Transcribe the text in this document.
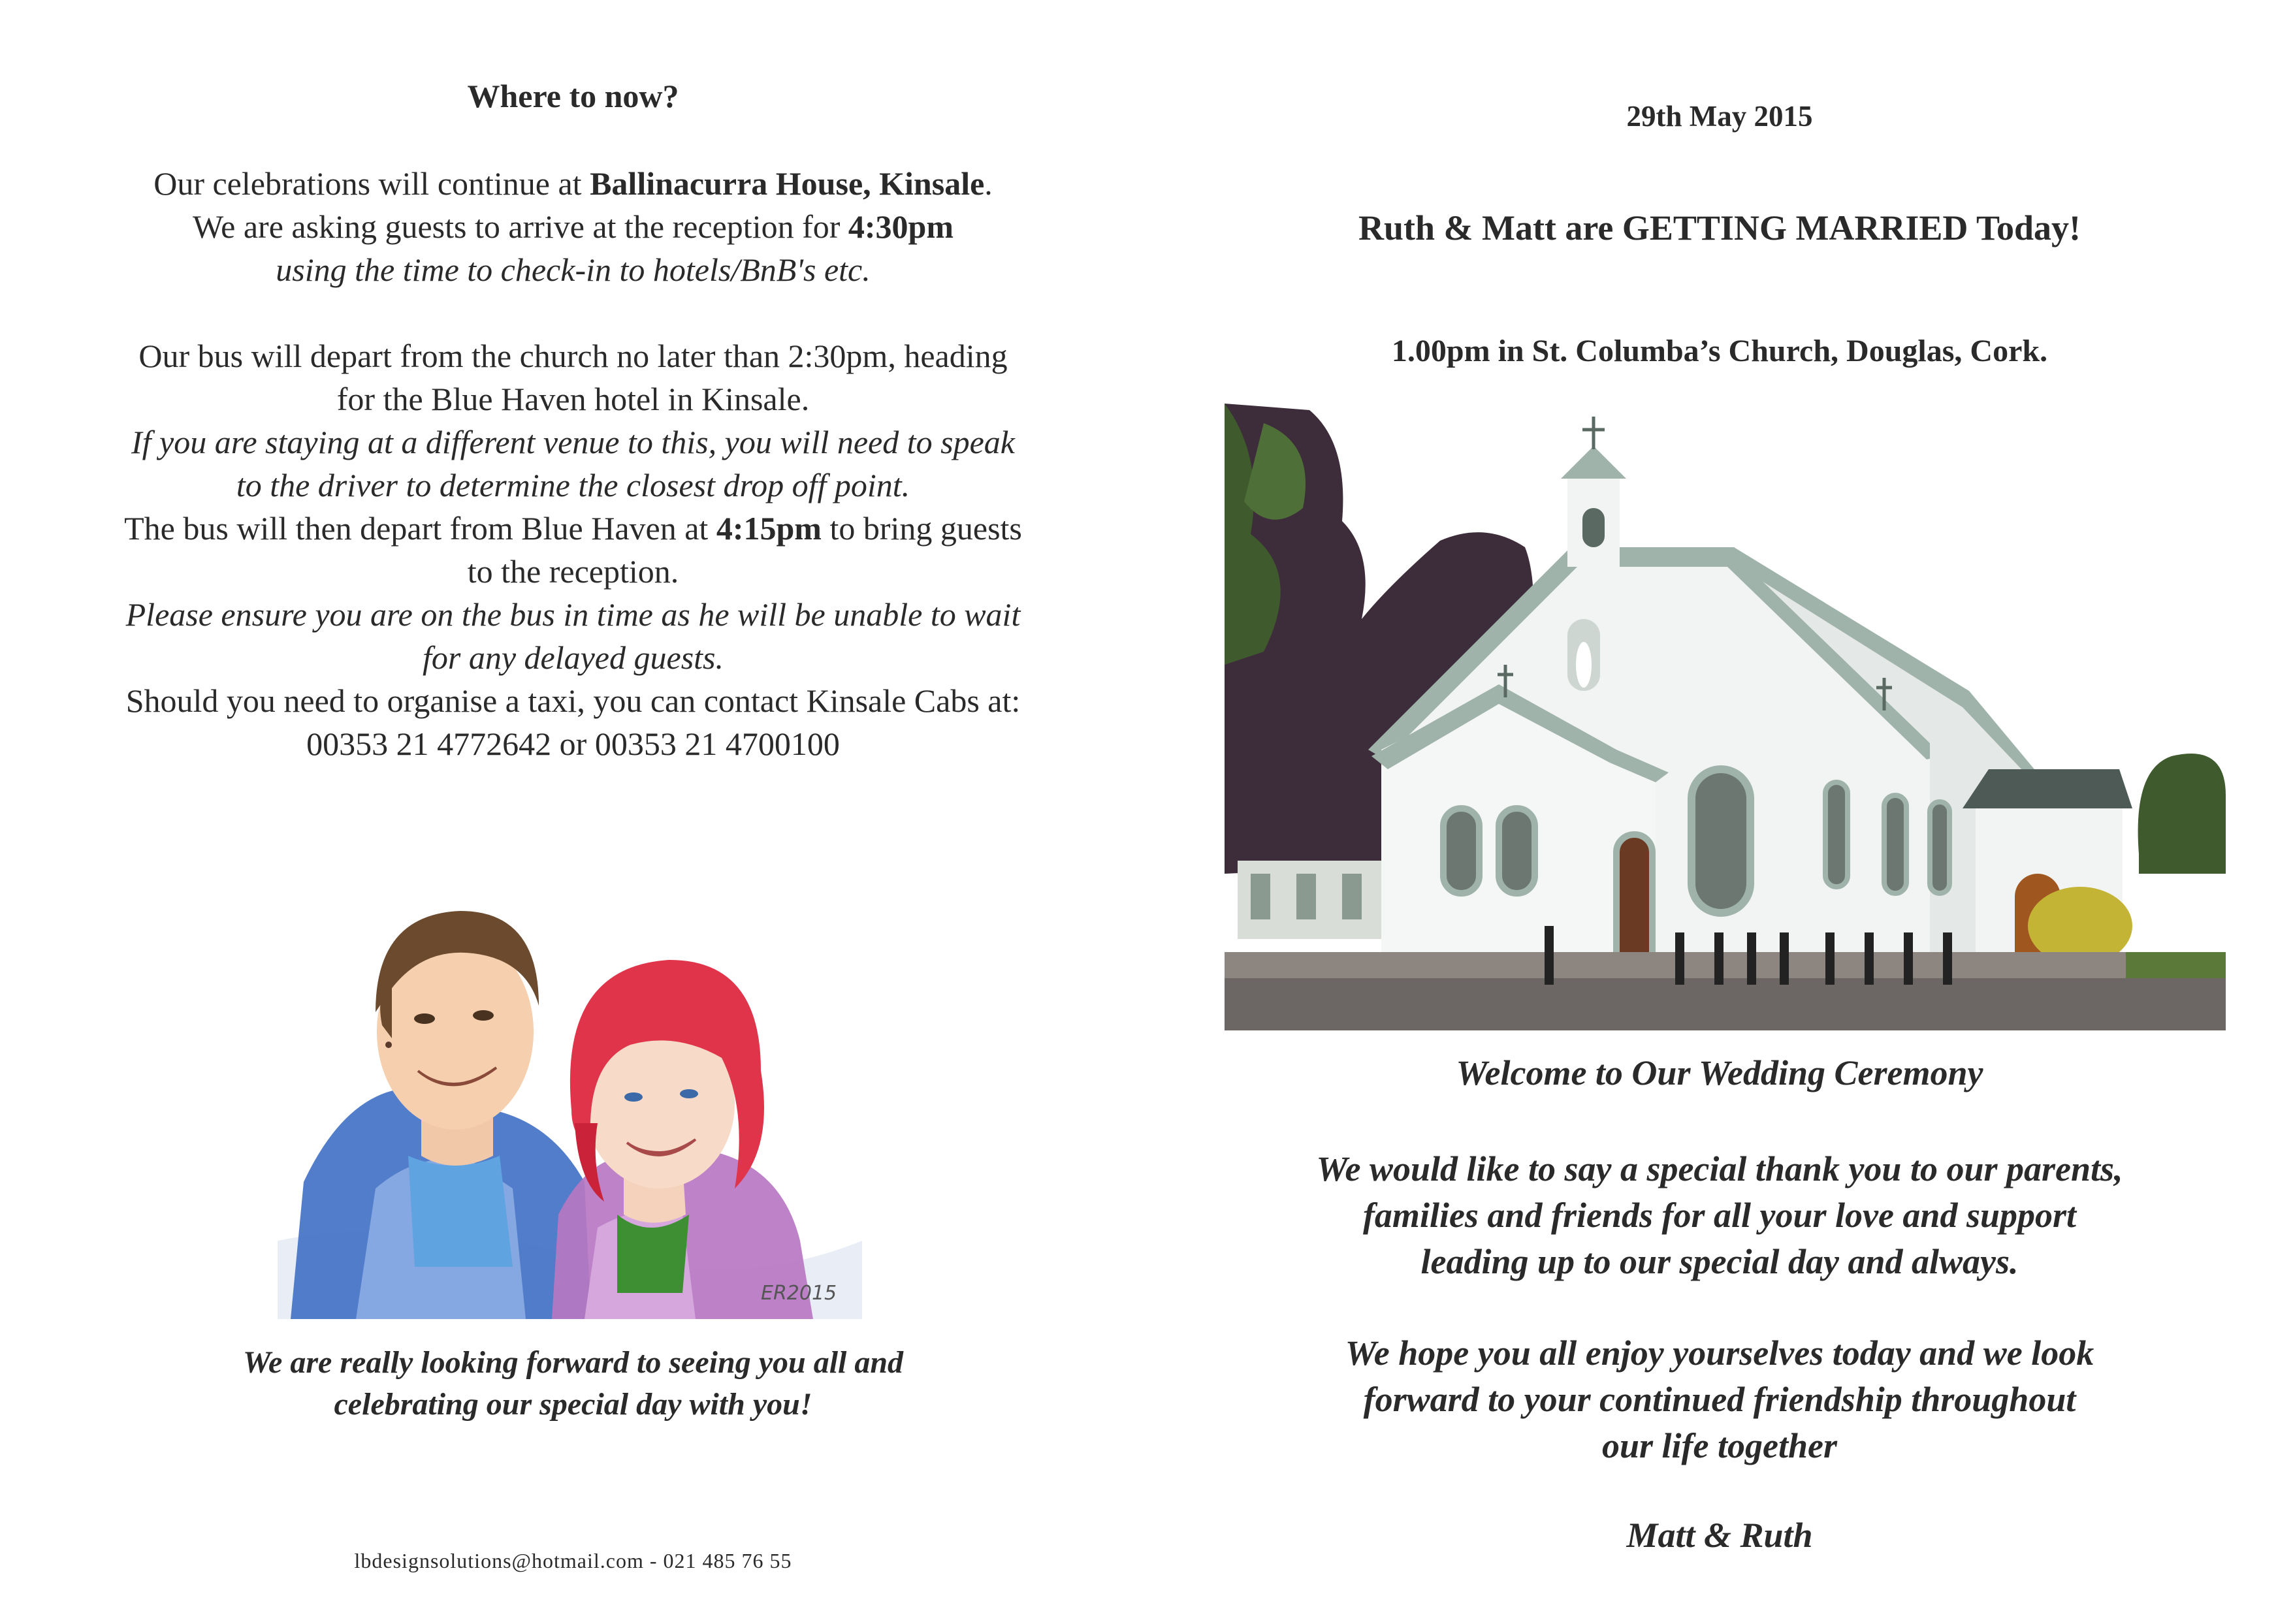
Where to now?

Our celebrations will continue at Ballinacurra House, Kinsale.

We are asking guests to arrive at the reception for 4:30pm

using the time to check-in to hotels/BnB's etc.

Our bus will depart from the church no later than 2:30pm, heading

for the Blue Haven hotel in Kinsale.

If you are staying at a different venue to this, you will need to speak

to the driver to determine the closest drop off point.

The bus will then depart from Blue Haven at 4:15pm to bring guests

to the reception.

Please ensure you are on the bus in time as he will be unable to wait

for any delayed guests.

Should you need to organise a taxi, you can contact Kinsale Cabs at:

00353 21 4772642 or 00353 21 4700100

ER2015
We are really looking forward to seeing you all and
celebrating our special day with you!
lbdesignsolutions@hotmail.com - 021 485 76 55
29th May 2015
Ruth & Matt are GETTING MARRIED Today!
1.00pm in St. Columba’s Church, Douglas, Cork.
Welcome to Our Wedding Ceremony
We would like to say a special thank you to our parents,
families and friends for all your love and support
leading up to our special day and always.
We hope you all enjoy yourselves today and we look
forward to your continued friendship throughout
our life together
Matt & Ruth
